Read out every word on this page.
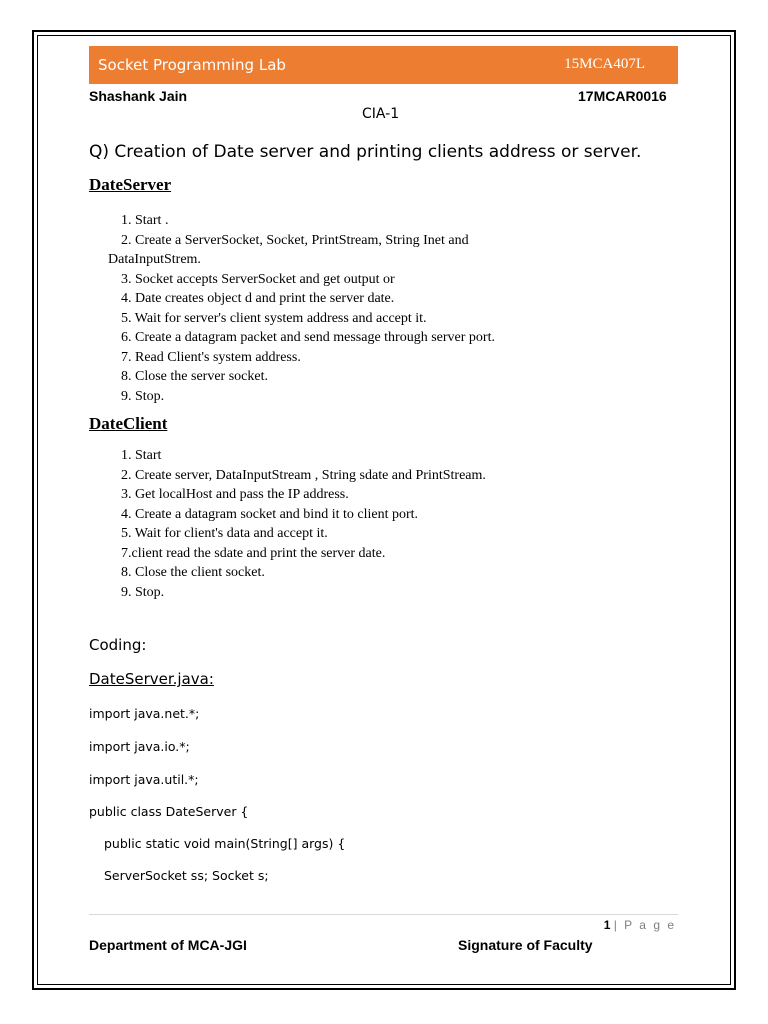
Socket Programming Lab	15MCA407L
Shashank Jain	17MCAR0016
CIA-1
Q) Creation of Date server and printing clients address or server.
DateServer
1. Start .
2. Create a ServerSocket, Socket, PrintStream, String Inet and
DataInputStrem.
3. Socket accepts ServerSocket and get output or
4. Date creates object d and print the server date.
5. Wait for server's client system address and accept it.
6. Create a datagram packet and send message through server port.
7. Read Client's system address.
8. Close the server socket.
9. Stop.
DateClient
1. Start
2. Create server, DataInputStream , String sdate and PrintStream.
3. Get localHost and pass the IP address.
4. Create a datagram socket and bind it to client port.
5. Wait for client's data and accept it.
7.client read the sdate and print the server date.
8. Close the client socket.
9. Stop.
Coding:
DateServer.java:
import java.net.*;
import java.io.*;
import java.util.*;
public class DateServer {
public static void main(String[] args) {
ServerSocket ss; Socket s;
1 | P a g e
Department of MCA-JGI	Signature of Faculty
